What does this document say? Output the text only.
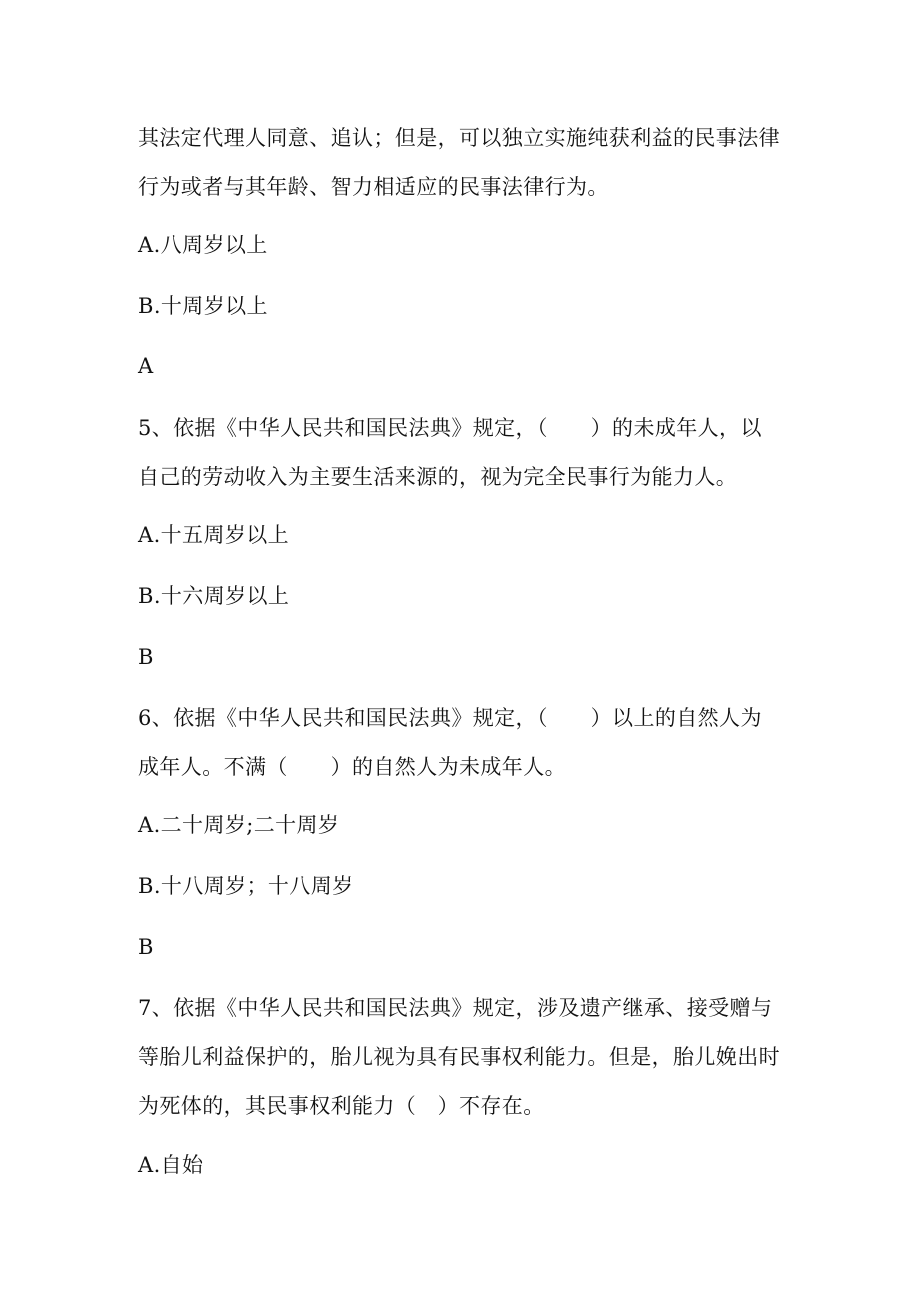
其法定代理人同意、追认；但是，可以独立实施纯获利益的民事法律
行为或者与其年龄、智力相适应的民事法律行为。
A.八周岁以上
B.十周岁以上
A
5、依据《中华人民共和国民法典》规定，（　　）的未成年人，以
自己的劳动收入为主要生活来源的，视为完全民事行为能力人。
A.十五周岁以上
B.十六周岁以上
B
6、依据《中华人民共和国民法典》规定，（　　）以上的自然人为
成年人。不满（　　）的自然人为未成年人。
A.二十周岁;二十周岁
B.十八周岁；十八周岁
B
7、依据《中华人民共和国民法典》规定，涉及遗产继承、接受赠与
等胎儿利益保护的，胎儿视为具有民事权利能力。但是，胎儿娩出时
为死体的，其民事权利能力（　）不存在。
A.自始
